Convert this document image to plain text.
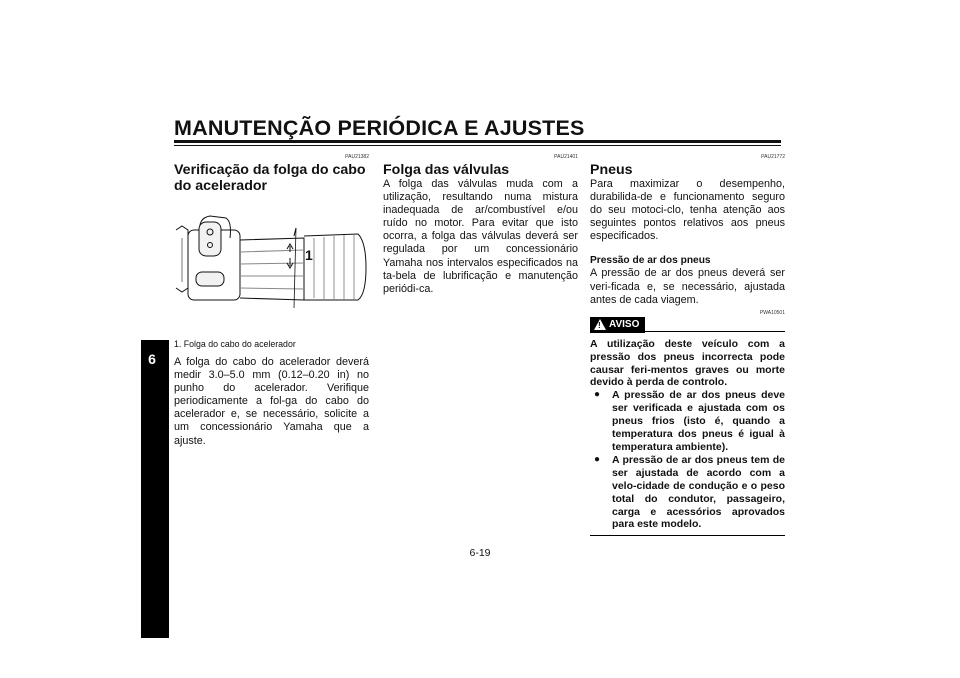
MANUTENÇÃO PERIÓDICA E AJUSTES
6
PAU21382
Verificação da folga do cabo do acelerador
1
1. Folga do cabo do acelerador
A folga do cabo do acelerador deverá medir 3.0–5.0 mm (0.12–0.20 in) no punho do acelerador. Verifique periodicamente a fol-ga do cabo do acelerador e, se necessário, solicite a um concessionário Yamaha que a ajuste.
PAU21401
Folga das válvulas
A folga das válvulas muda com a utilização, resultando numa mistura inadequada de ar/combustível e/ou ruído no motor. Para evitar que isto ocorra, a folga das válvulas deverá ser regulada por um concessionário Yamaha nos intervalos especificados na ta-bela de lubrificação e manutenção periódi-ca.
PAU21772
Pneus
Para maximizar o desempenho, durabilida-de e funcionamento seguro do seu motoci-clo, tenha atenção aos seguintes pontos relativos aos pneus especificados.
Pressão de ar dos pneus
A pressão de ar dos pneus deverá ser veri-ficada e, se necessário, ajustada antes de cada viagem.
PWA10501
! AVISO
A utilização deste veículo com a pressão dos pneus incorrecta pode causar feri-mentos graves ou morte devido à perda de controlo.
●	A pressão de ar dos pneus deve ser verificada e ajustada com os pneus frios (isto é, quando a temperatura dos pneus é igual à temperatura ambiente).
●	A pressão de ar dos pneus tem de ser ajustada de acordo com a velo-cidade de condução e o peso total do condutor, passageiro, carga e acessórios aprovados para este modelo.
6-19
